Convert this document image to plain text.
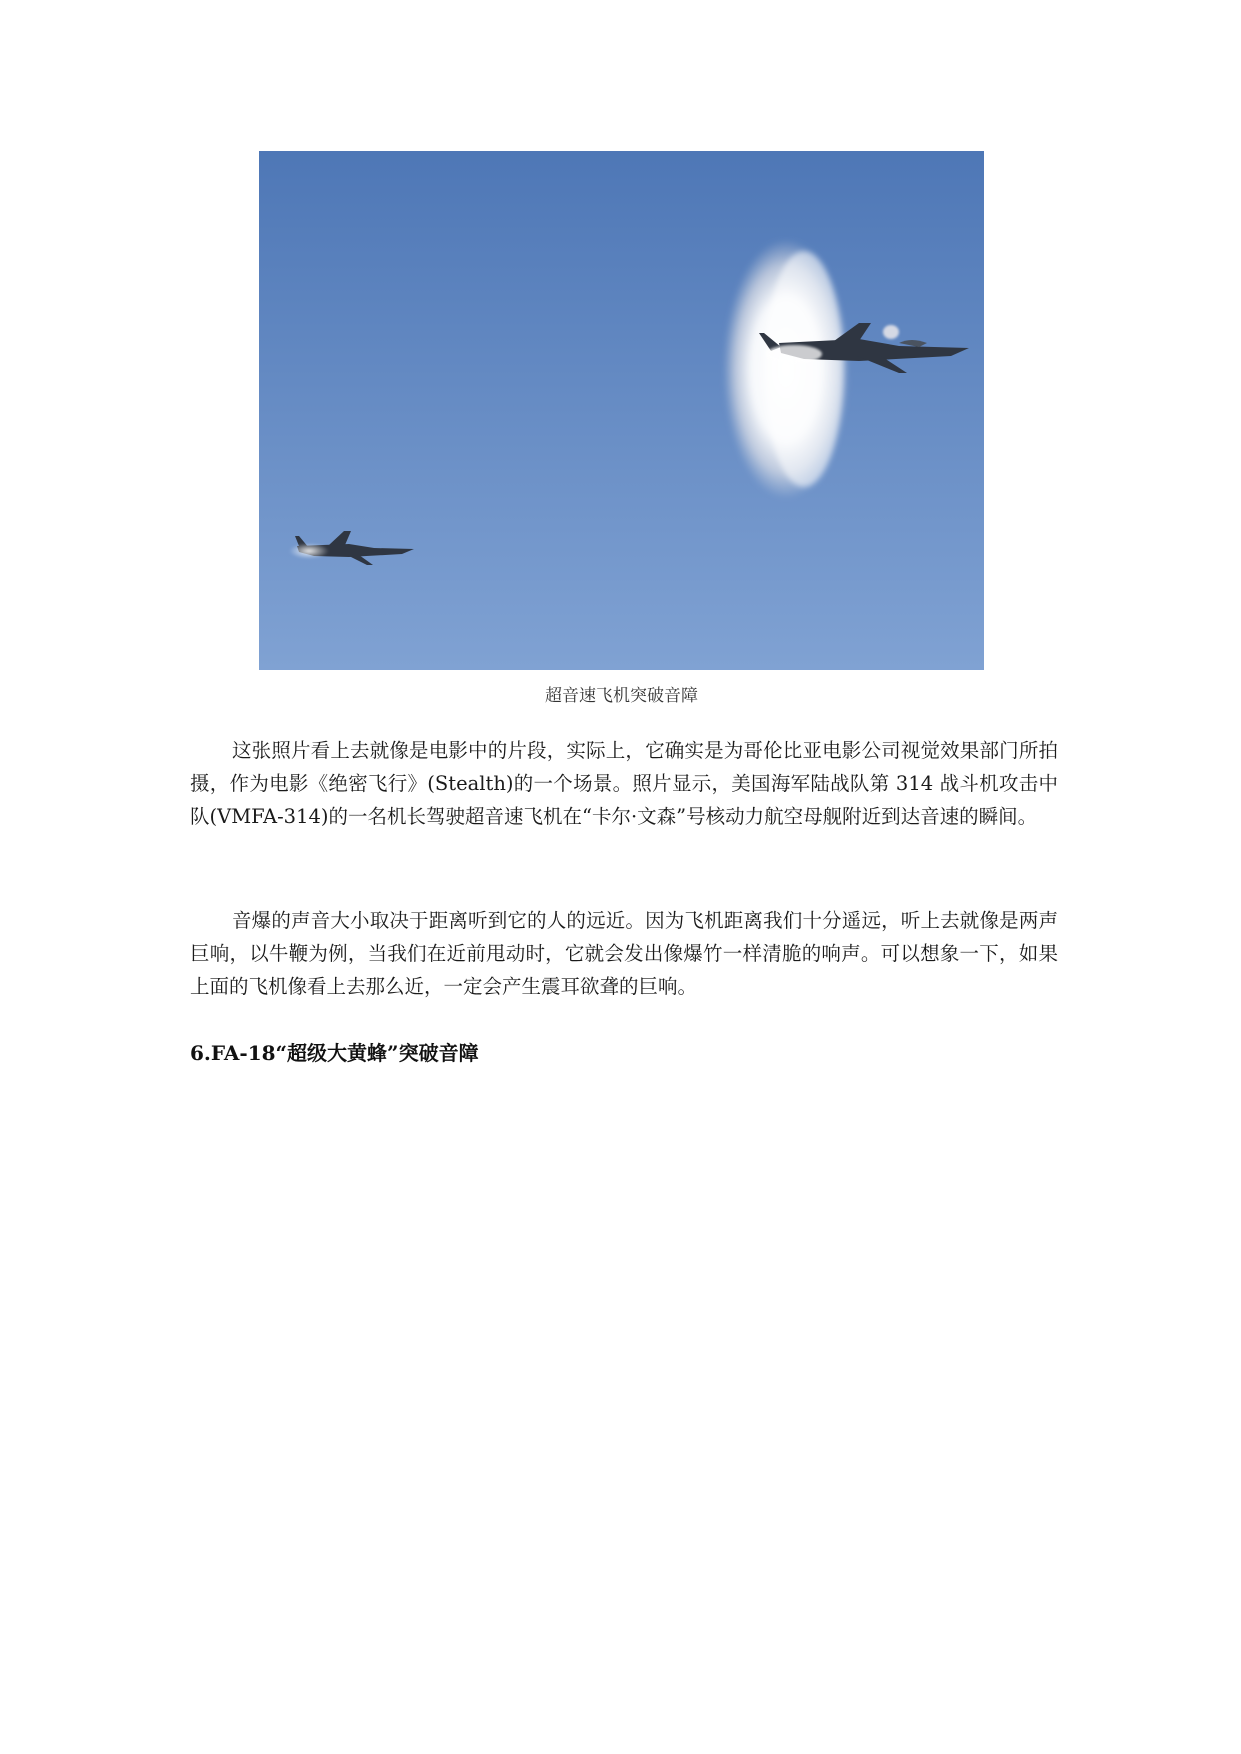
超音速飞机突破音障

这张照片看上去就像是电影中的片段，实际上，它确实是为哥伦比亚电影公司视觉效果部门所拍摄，作为电影《绝密飞行》(Stealth)的一个场景。照片显示，美国海军陆战队第 314 战斗机攻击中队(VMFA-314)的一名机长驾驶超音速飞机在“卡尔·文森”号核动力航空母舰附近到达音速的瞬间。

音爆的声音大小取决于距离听到它的人的远近。因为飞机距离我们十分遥远，听上去就像是两声巨响，以牛鞭为例，当我们在近前甩动时，它就会发出像爆竹一样清脆的响声。可以想象一下，如果上面的飞机像看上去那么近，一定会产生震耳欲聋的巨响。

6.FA-18“超级大黄蜂”突破音障
